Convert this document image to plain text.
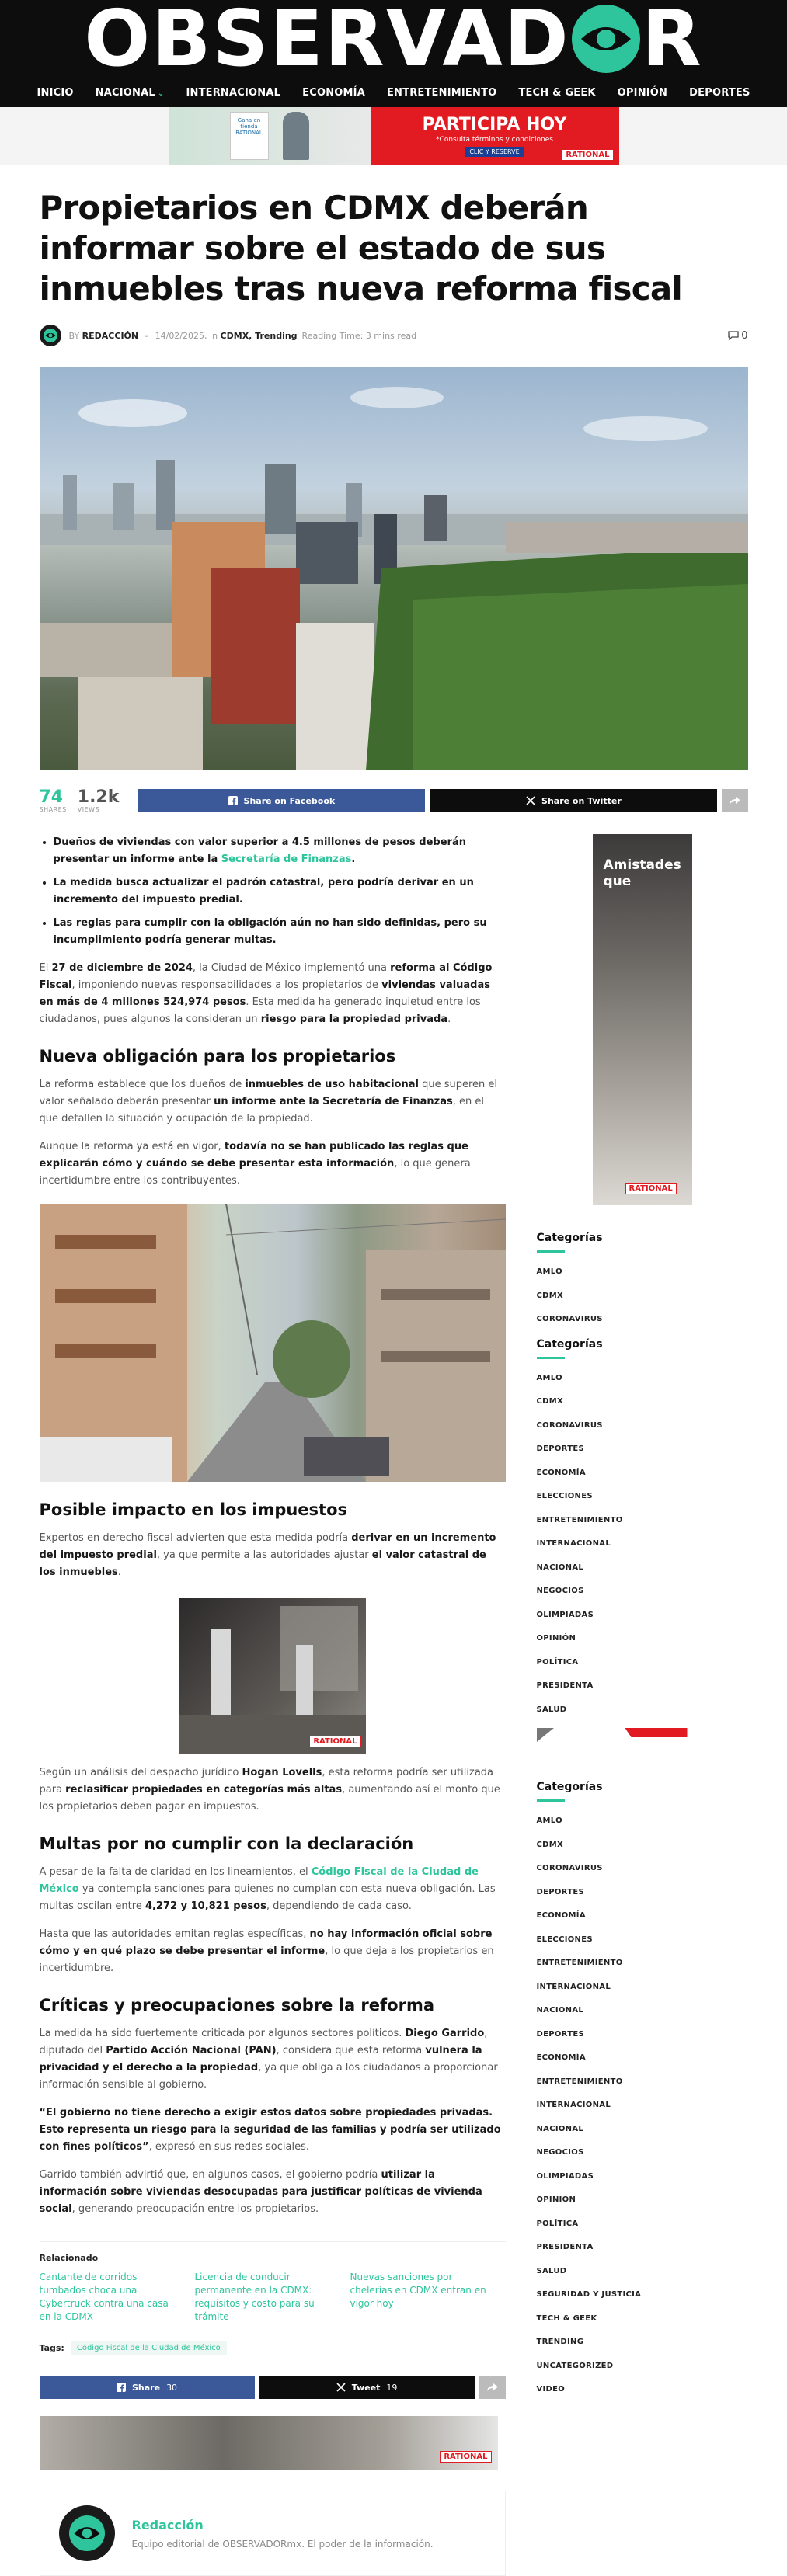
OBSERVAD R
INICIO NACIONAL ⌄ INTERNACIONAL ECONOMÍA ENTRETENIMIENTO TECH & GEEK OPINIÓN DEPORTES
Gana en tienda RATIONAL	PARTICIPA HOY
*Consulta términos y condiciones
CLIC Y RESERVE	RATIONAL
Propietarios en CDMX deberán informar sobre el estado de sus inmuebles tras nueva reforma fiscal
BY
REDACCIÓN – 14/02/2025 , in
CDMX, Trending Reading Time: 3 mins read	0
74
SHARES
1.2k
VIEWS
Share on Facebook	Share on Twitter
• Dueños de viviendas con valor superior a 4.5 millones de pesos deberán presentar un informe ante la Secretaría de Finanzas.
• La medida busca actualizar el padrón catastral, pero podría derivar en un incremento del impuesto predial.
• Las reglas para cumplir con la obligación aún no han sido definidas, pero su incumplimiento podría generar multas.

El 27 de diciembre de 2024, la Ciudad de México implementó una reforma al Código Fiscal, imponiendo nuevas responsabilidades a los propietarios de viviendas valuadas en más de 4 millones 524,974 pesos. Esta medida ha generado inquietud entre los ciudadanos, pues algunos la consideran un riesgo para la propiedad privada.

Nueva obligación para los propietarios

La reforma establece que los dueños de inmuebles de uso habitacional que superen el valor señalado deberán presentar un informe ante la Secretaría de Finanzas, en el que detallen la situación y ocupación de la propiedad.

Aunque la reforma ya está en vigor, todavía no se han publicado las reglas que explicarán cómo y cuándo se debe presentar esta información, lo que genera incertidumbre entre los contribuyentes.

Posible impacto en los impuestos

Expertos en derecho fiscal advierten que esta medida podría derivar en un incremento del impuesto predial, ya que permite a las autoridades ajustar el valor catastral de los inmuebles.

RATIONAL

Según un análisis del despacho jurídico Hogan Lovells, esta reforma podría ser utilizada para reclasificar propiedades en categorías más altas, aumentando así el monto que los propietarios deben pagar en impuestos.

Multas por no cumplir con la declaración

A pesar de la falta de claridad en los lineamientos, el Código Fiscal de la Ciudad de México ya contempla sanciones para quienes no cumplan con esta nueva obligación. Las multas oscilan entre 4,272 y 10,821 pesos, dependiendo de cada caso.

Hasta que las autoridades emitan reglas específicas, no hay información oficial sobre cómo y en qué plazo se debe presentar el informe, lo que deja a los propietarios en incertidumbre.

Críticas y preocupaciones sobre la reforma

La medida ha sido fuertemente criticada por algunos sectores políticos. Diego Garrido, diputado del Partido Acción Nacional (PAN), considera que esta reforma vulnera la privacidad y el derecho a la propiedad, ya que obliga a los ciudadanos a proporcionar información sensible al gobierno.

“El gobierno no tiene derecho a exigir estos datos sobre propiedades privadas. Esto representa un riesgo para la seguridad de las familias y podría ser utilizado con fines políticos”, expresó en sus redes sociales.

Garrido también advirtió que, en algunos casos, el gobierno podría utilizar la información sobre viviendas desocupadas para justificar políticas de vivienda social, generando preocupación entre los propietarios.

Relacionado
Cantante de corridos tumbados choca una Cybertruck contra una casa en la CDMX
Licencia de conducir permanente en la CDMX: requisitos y costo para su trámite
Nuevas sanciones por chelerías en CDMX entran en vigor hoy
Tags:	Código Fiscal de la Ciudad de México
Share 30	Tweet 19
RATIONAL
Redacción
Equipo editorial de OBSERVADORmx. El poder de la información.
Amistades
que
RATIONAL
Categorías
AMLO
CDMX
CORONAVIRUS
Categorías
AMLO
CDMX
CORONAVIRUS
DEPORTES
ECONOMÍA
ELECCIONES
ENTRETENIMIENTO
INTERNACIONAL
NACIONAL
NEGOCIOS
OLIMPIADAS
OPINIÓN
POLÍTICA
PRESIDENTA
SALUD
Categorías
AMLO
CDMX
CORONAVIRUS
DEPORTES
ECONOMÍA
ELECCIONES
ENTRETENIMIENTO
INTERNACIONAL
NACIONAL
DEPORTES
ECONOMÍA
ENTRETENIMIENTO
INTERNACIONAL
NACIONAL
NEGOCIOS
OLIMPIADAS
OPINIÓN
POLÍTICA
PRESIDENTA
SALUD
SEGURIDAD Y JUSTICIA
TECH & GEEK
TRENDING
UNCATEGORIZED
VIDEO
